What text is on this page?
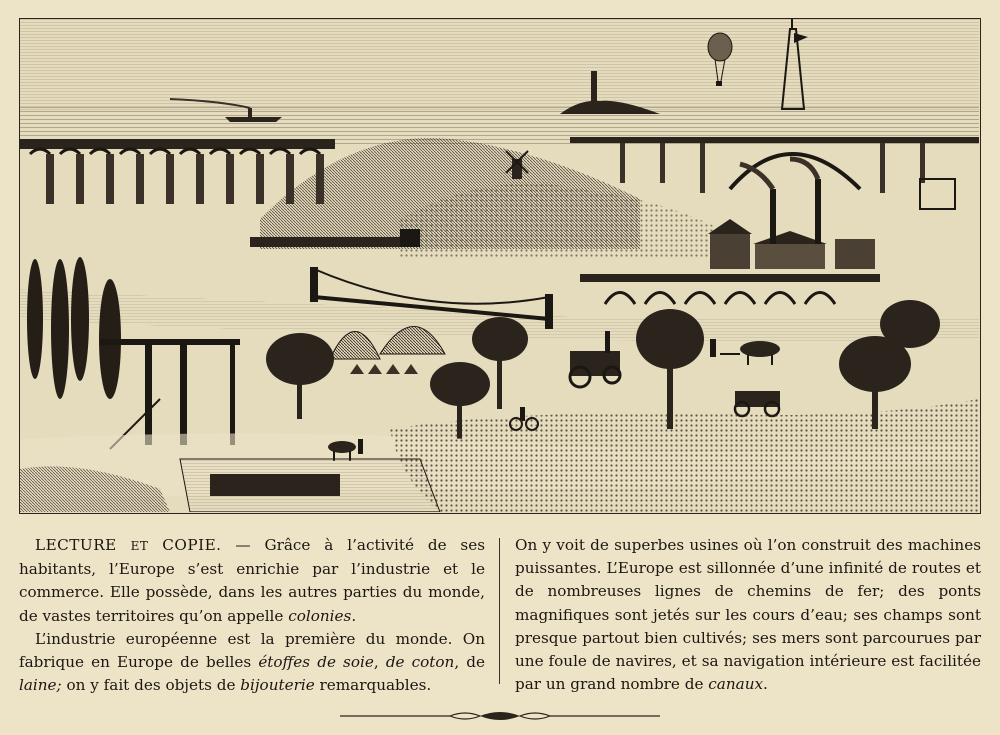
LECTURE ET COPIE. — Grâce à l’activité de ses habitants, l’Europe s’est enrichie par l’industrie et le commerce. Elle possède, dans les autres parties du monde, de vastes territoires qu’on appelle colonies.

L’industrie européenne est la première du monde. On fabrique en Europe de belles étoffes de soie, de coton, de laine; on y fait des objets de bijouterie remarquables.

On y voit de superbes usines où l’on construit des machines puissantes. L’Europe est sillonnée d’une infinité de routes et de nombreuses lignes de chemins de fer; des ponts magnifiques sont jetés sur les cours d’eau; ses champs sont presque partout bien cultivés; ses mers sont parcourues par une foule de navires, et sa navigation intérieure est facilitée par un grand nombre de canaux.
